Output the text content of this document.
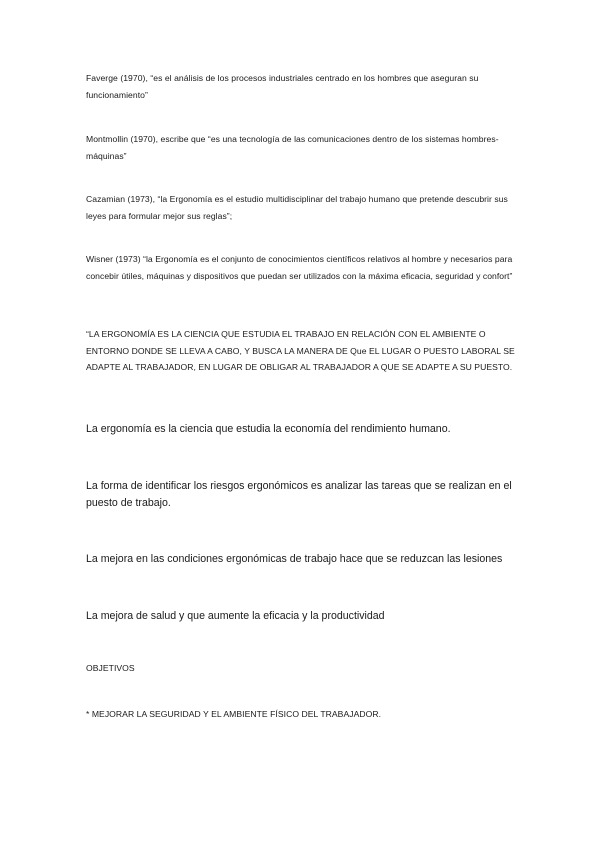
Faverge (1970), “es el análisis de los procesos industriales centrado en los hombres que aseguran su funcionamiento”

Montmollin (1970), escribe que “es una tecnología de las comunicaciones dentro de los sistemas hombres-máquinas”

Cazamian (1973), “la Ergonomía es el estudio multidisciplinar del trabajo humano que pretende descubrir sus leyes para formular mejor sus reglas”;

Wisner (1973) “la Ergonomía es el conjunto de conocimientos científicos relativos al hombre y necesarios para concebir útiles, máquinas y dispositivos que puedan ser utilizados con la máxima eficacia, seguridad y confort”

“LA ERGONOMÍA ES LA CIENCIA QUE ESTUDIA EL TRABAJO EN RELACIÓN CON EL AMBIENTE O ENTORNO DONDE SE LLEVA A CABO, Y BUSCA LA MANERA DE Que EL LUGAR O PUESTO LABORAL SE ADAPTE AL TRABAJADOR, EN LUGAR DE OBLIGAR AL TRABAJADOR A QUE SE ADAPTE A SU PUESTO.

La ergonomía es la ciencia que estudia la economía del rendimiento humano.

La forma de identificar los riesgos ergonómicos es analizar las tareas que se realizan en el puesto de trabajo.

La mejora en las condiciones ergonómicas de trabajo hace que se reduzcan las lesiones

La mejora de salud y que aumente la eficacia y la productividad

OBJETIVOS

* MEJORAR LA SEGURIDAD Y EL AMBIENTE FÍSICO DEL TRABAJADOR.
